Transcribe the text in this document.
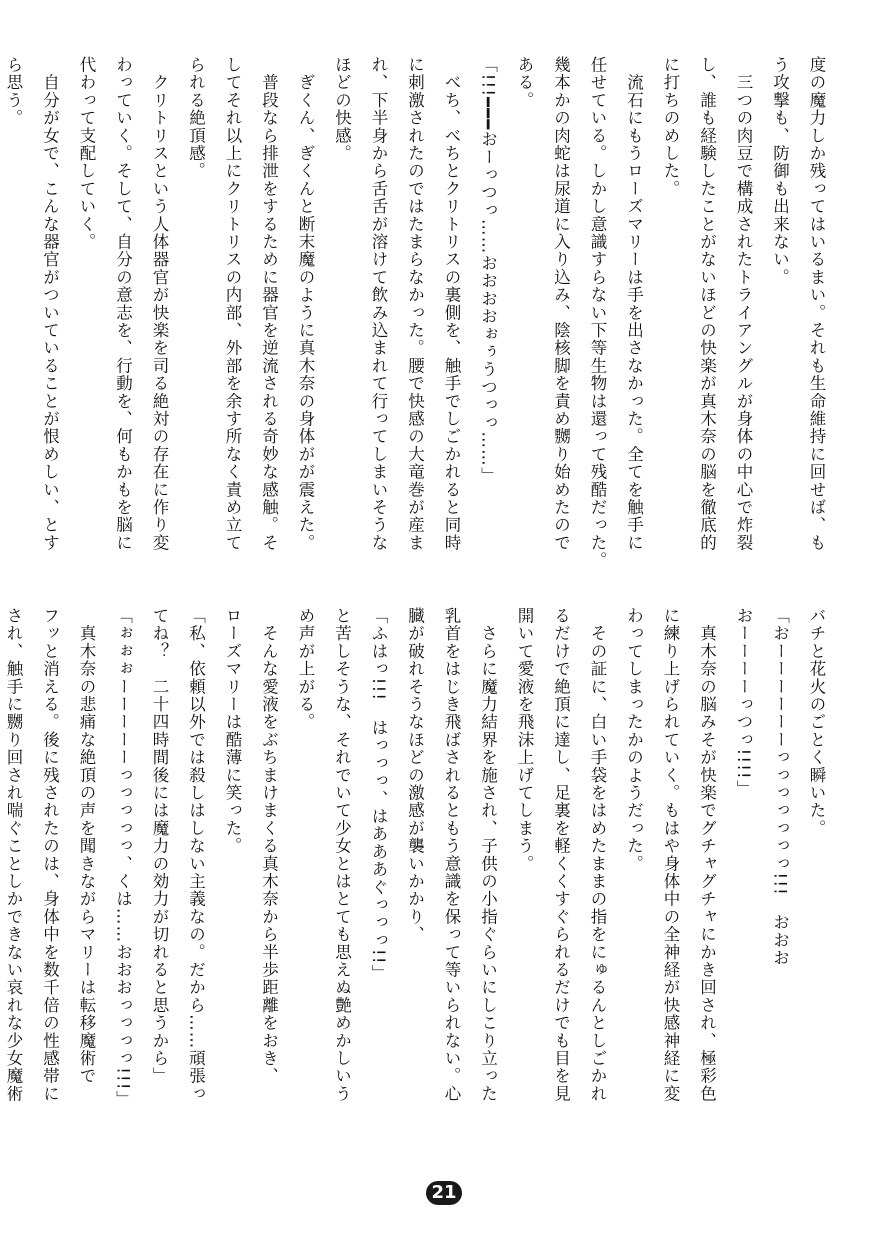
度の魔力しか残ってはいるまい。それも生命維持に回せば、も
う攻撃も、防御も出来ない。
　三つの肉豆で構成されたトライアングルが身体の中心で炸裂
し、誰も経験したことがないほどの快楽が真木奈の脳を徹底的
に打ちのめした。
　流石にもうローズマリーは手を出さなかった。全てを触手に
任せている。しかし意識すらない下等生物は還って残酷だった。
幾本かの肉蛇は尿道に入り込み、陰核脚を責め嬲り始めたので
ある。
「!!!━━━おーっつっ……おおおおぉぅうつっっ……」
　べち、べちとクリトリスの裏側を、触手でしごかれると同時
に刺激されたのではたまらなかった。腰で快感の大竜巻が産ま
れ、下半身から舌舌が溶けて飲み込まれて行ってしまいそうな
ほどの快感。
　ぎくん、ぎくんと断末魔のように真木奈の身体がが震えた。
　普段なら排泄をするために器官を逆流される奇妙な感触。そ
してそれ以上にクリトリスの内部、外部を余す所なく責め立て
られる絶頂感。
　クリトリスという人体器官が快楽を司る絶対の存在に作り変
わっていく。そして、自分の意志を、行動を、何もかもを脳に
代わって支配していく。
　自分が女で、こんな器官がついていることが恨めしい、とす
ら思う。
バチと花火のごとく瞬いた。
「おーーーーーーっっっっっっっ!!!　おおお
おーーーーっつっ!!!!」
　真木奈の脳みそが快楽でグチャグチャにかき回され、極彩色
に練り上げられていく。もはや身体中の全神経が快感神経に変
わってしまったかのようだった。
　その証に、白い手袋をはめたままの指をにゅるんとしごかれ
るだけで絶頂に達し、足裏を軽くくすぐられるだけでも目を見
開いて愛液を飛沫上げてしまう。
　さらに魔力結界を施され、子供の小指ぐらいにしこり立った
乳首をはじき飛ばされるともう意識を保って等いられない。心
臓が破れそうなほどの激感が襲いかかり、
「ふはっ!!!　はっっっ、はあああぐっっっ!!」
と苦しそうな、それでいて少女とはとても思えぬ艶めかしいう
め声が上がる。
　そんな愛液をぶちまけまくる真木奈から半歩距離をおき、
ローズマリーは酷薄に笑った。
「私、依頼以外では殺しはしない主義なの。だから……頑張っ
てね？　二十四時間後には魔力の効力が切れると思うから」
「ぉぉぉーーーーーっっっっっ、くは……おおおっっっっ!!!」
　真木奈の悲痛な絶頂の声を聞きながらマリーは転移魔術で
フッと消える。後に残されたのは、身体中を数千倍の性感帯に
され、触手に嬲り回され喘ぐことしかできない哀れな少女魔術
21
